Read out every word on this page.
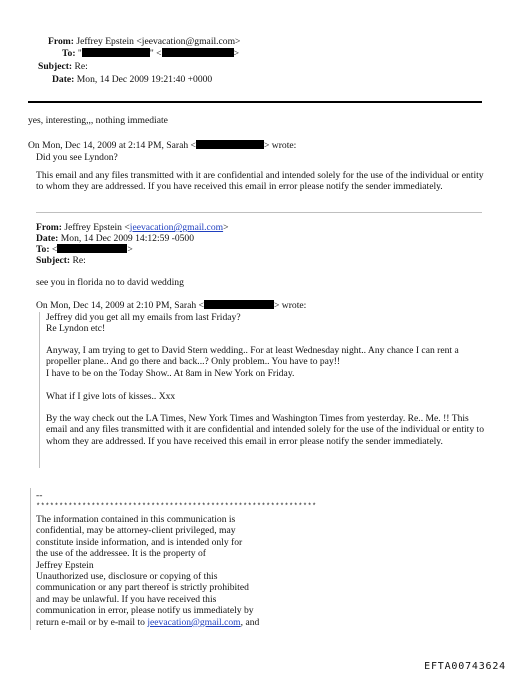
From: Jeffrey Epstein <jeevacation@gmail.com>
To: "	" <	>
Subject: Re:
Date: Mon, 14 Dec 2009 19:21:40 +0000

yes, interesting,,, nothing immediate

On Mon, Dec 14, 2009 at 2:14 PM, Sarah <	> wrote:

Did you see Lyndon?

This email and any files transmitted with it are confidential and intended solely for the use of the individual or entity to whom they are addressed. If you have received this email in error please notify the sender immediately.

From: Jeffrey Epstein <jeevacation@gmail.com>
Date: Mon, 14 Dec 2009 14:12:59 -0500
To: <	>
Subject: Re:

see you in florida no to david wedding

On Mon, Dec 14, 2009 at 2:10 PM, Sarah <	> wrote:

Jeffrey did you get all my emails from last Friday?

Re Lyndon etc!

Anyway, I am trying to get to David Stern wedding.. For at least Wednesday night.. Any chance I can rent a propeller plane.. And go there and back...? Only problem.. You have to pay!!

I have to be on the Today Show.. At 8am in New York on Friday.

What if I give lots of kisses.. Xxx

By the way check out the LA Times, New York Times and Washington Times from yesterday. Re.. Me. !! This email and any files transmitted with it are confidential and intended solely for the use of the individual or entity to whom they are addressed. If you have received this email in error please notify the sender immediately.

--

*************************************************************

The information contained in this communication is
confidential, may be attorney-client privileged, may
constitute inside information, and is intended only for
the use of the addressee. It is the property of
Jeffrey Epstein
Unauthorized use, disclosure or copying of this
communication or any part thereof is strictly prohibited
and may be unlawful. If you have received this
communication in error, please notify us immediately by
return e-mail or by e-mail to jeevacation@gmail.com, and
EFTA00743624
